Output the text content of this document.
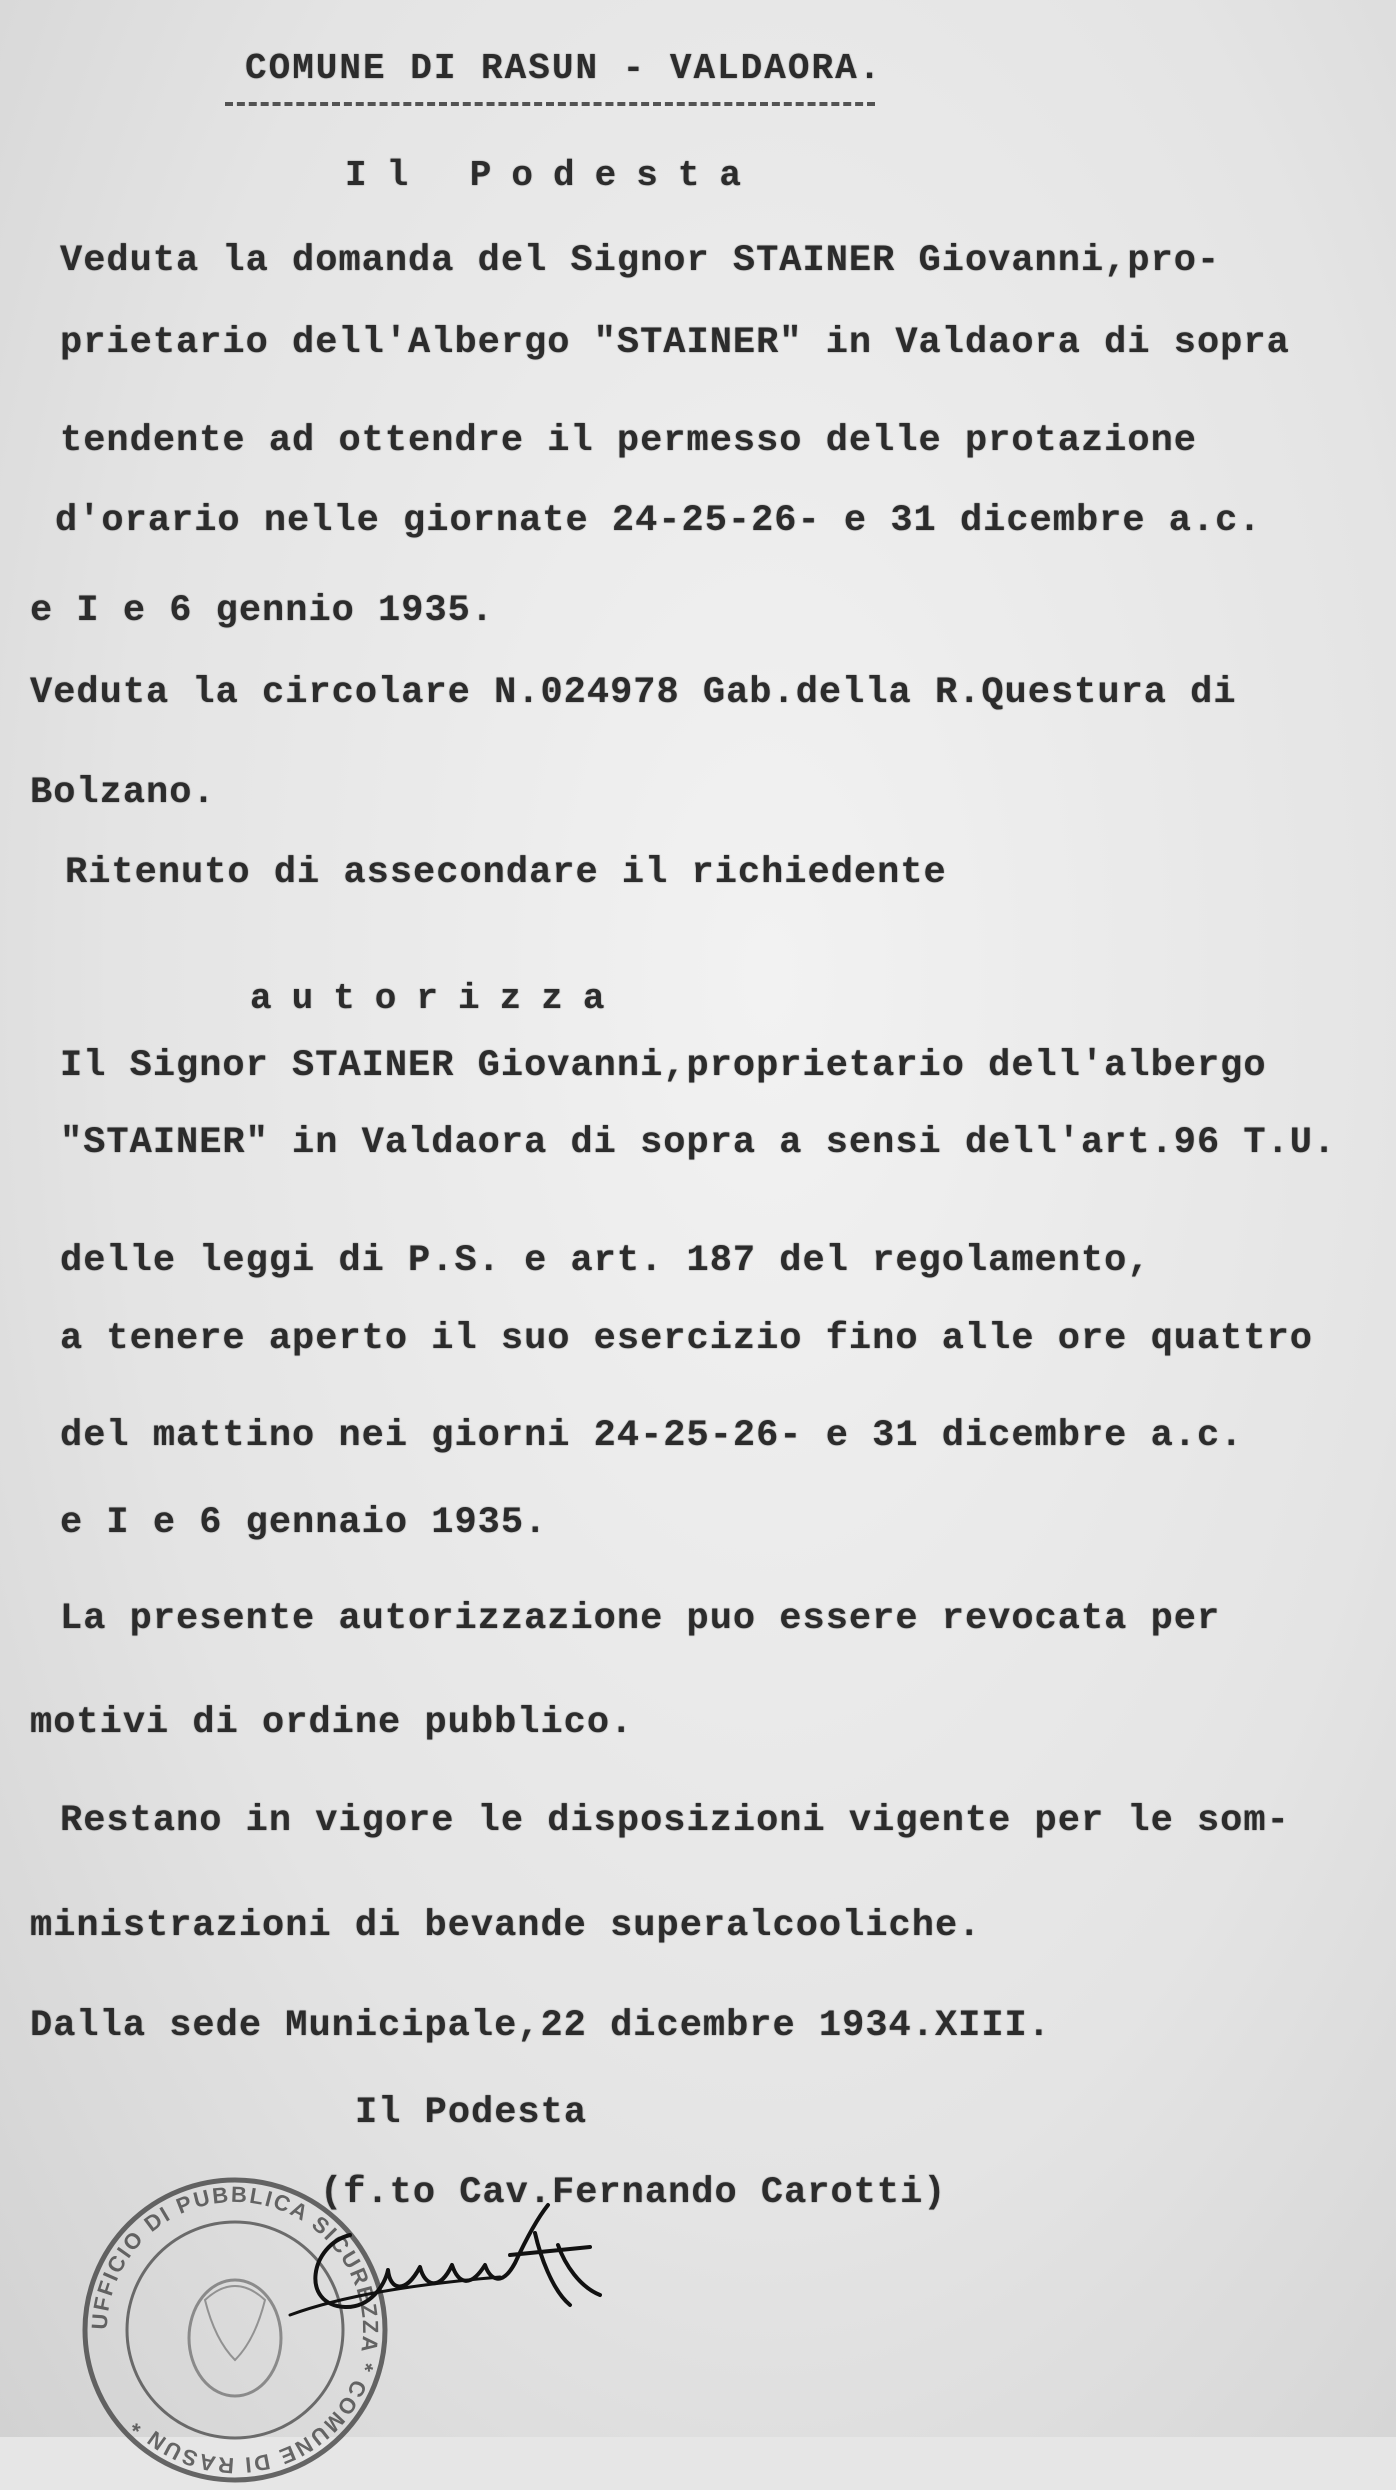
COMUNE DI RASUN - VALDAORA.

Il Podesta

Veduta la domanda del Signor STAINER Giovanni,pro-

prietario dell'Albergo "STAINER" in Valdaora di sopra

tendente ad ottendre il permesso delle protazione

d'orario nelle giornate 24-25-26- e 31 dicembre a.c.

e I e 6 gennio 1935.

Veduta la circolare N.024978 Gab.della R.Questura di

Bolzano.

Ritenuto di assecondare il richiedente

autorizza

Il Signor STAINER Giovanni,proprietario dell'albergo

"STAINER" in Valdaora di sopra a sensi dell'art.96 T.U.

delle leggi di P.S. e art. 187 del regolamento,

a tenere aperto il suo esercizio fino alle ore quattro

del mattino nei giorni 24-25-26- e 31 dicembre a.c.

e I e 6 gennaio 1935.

La presente autorizzazione puo essere revocata per

motivi di ordine pubblico.

Restano in vigore le disposizioni vigente per le som-

ministrazioni di bevande superalcooliche.

Dalla sede Municipale,22 dicembre 1934.XIII.

Il Podesta

(f.to Cav.Fernando Carotti)

UFFICIO DI PUBBLICA SICUREZZA * COMUNE DI RASUN *
